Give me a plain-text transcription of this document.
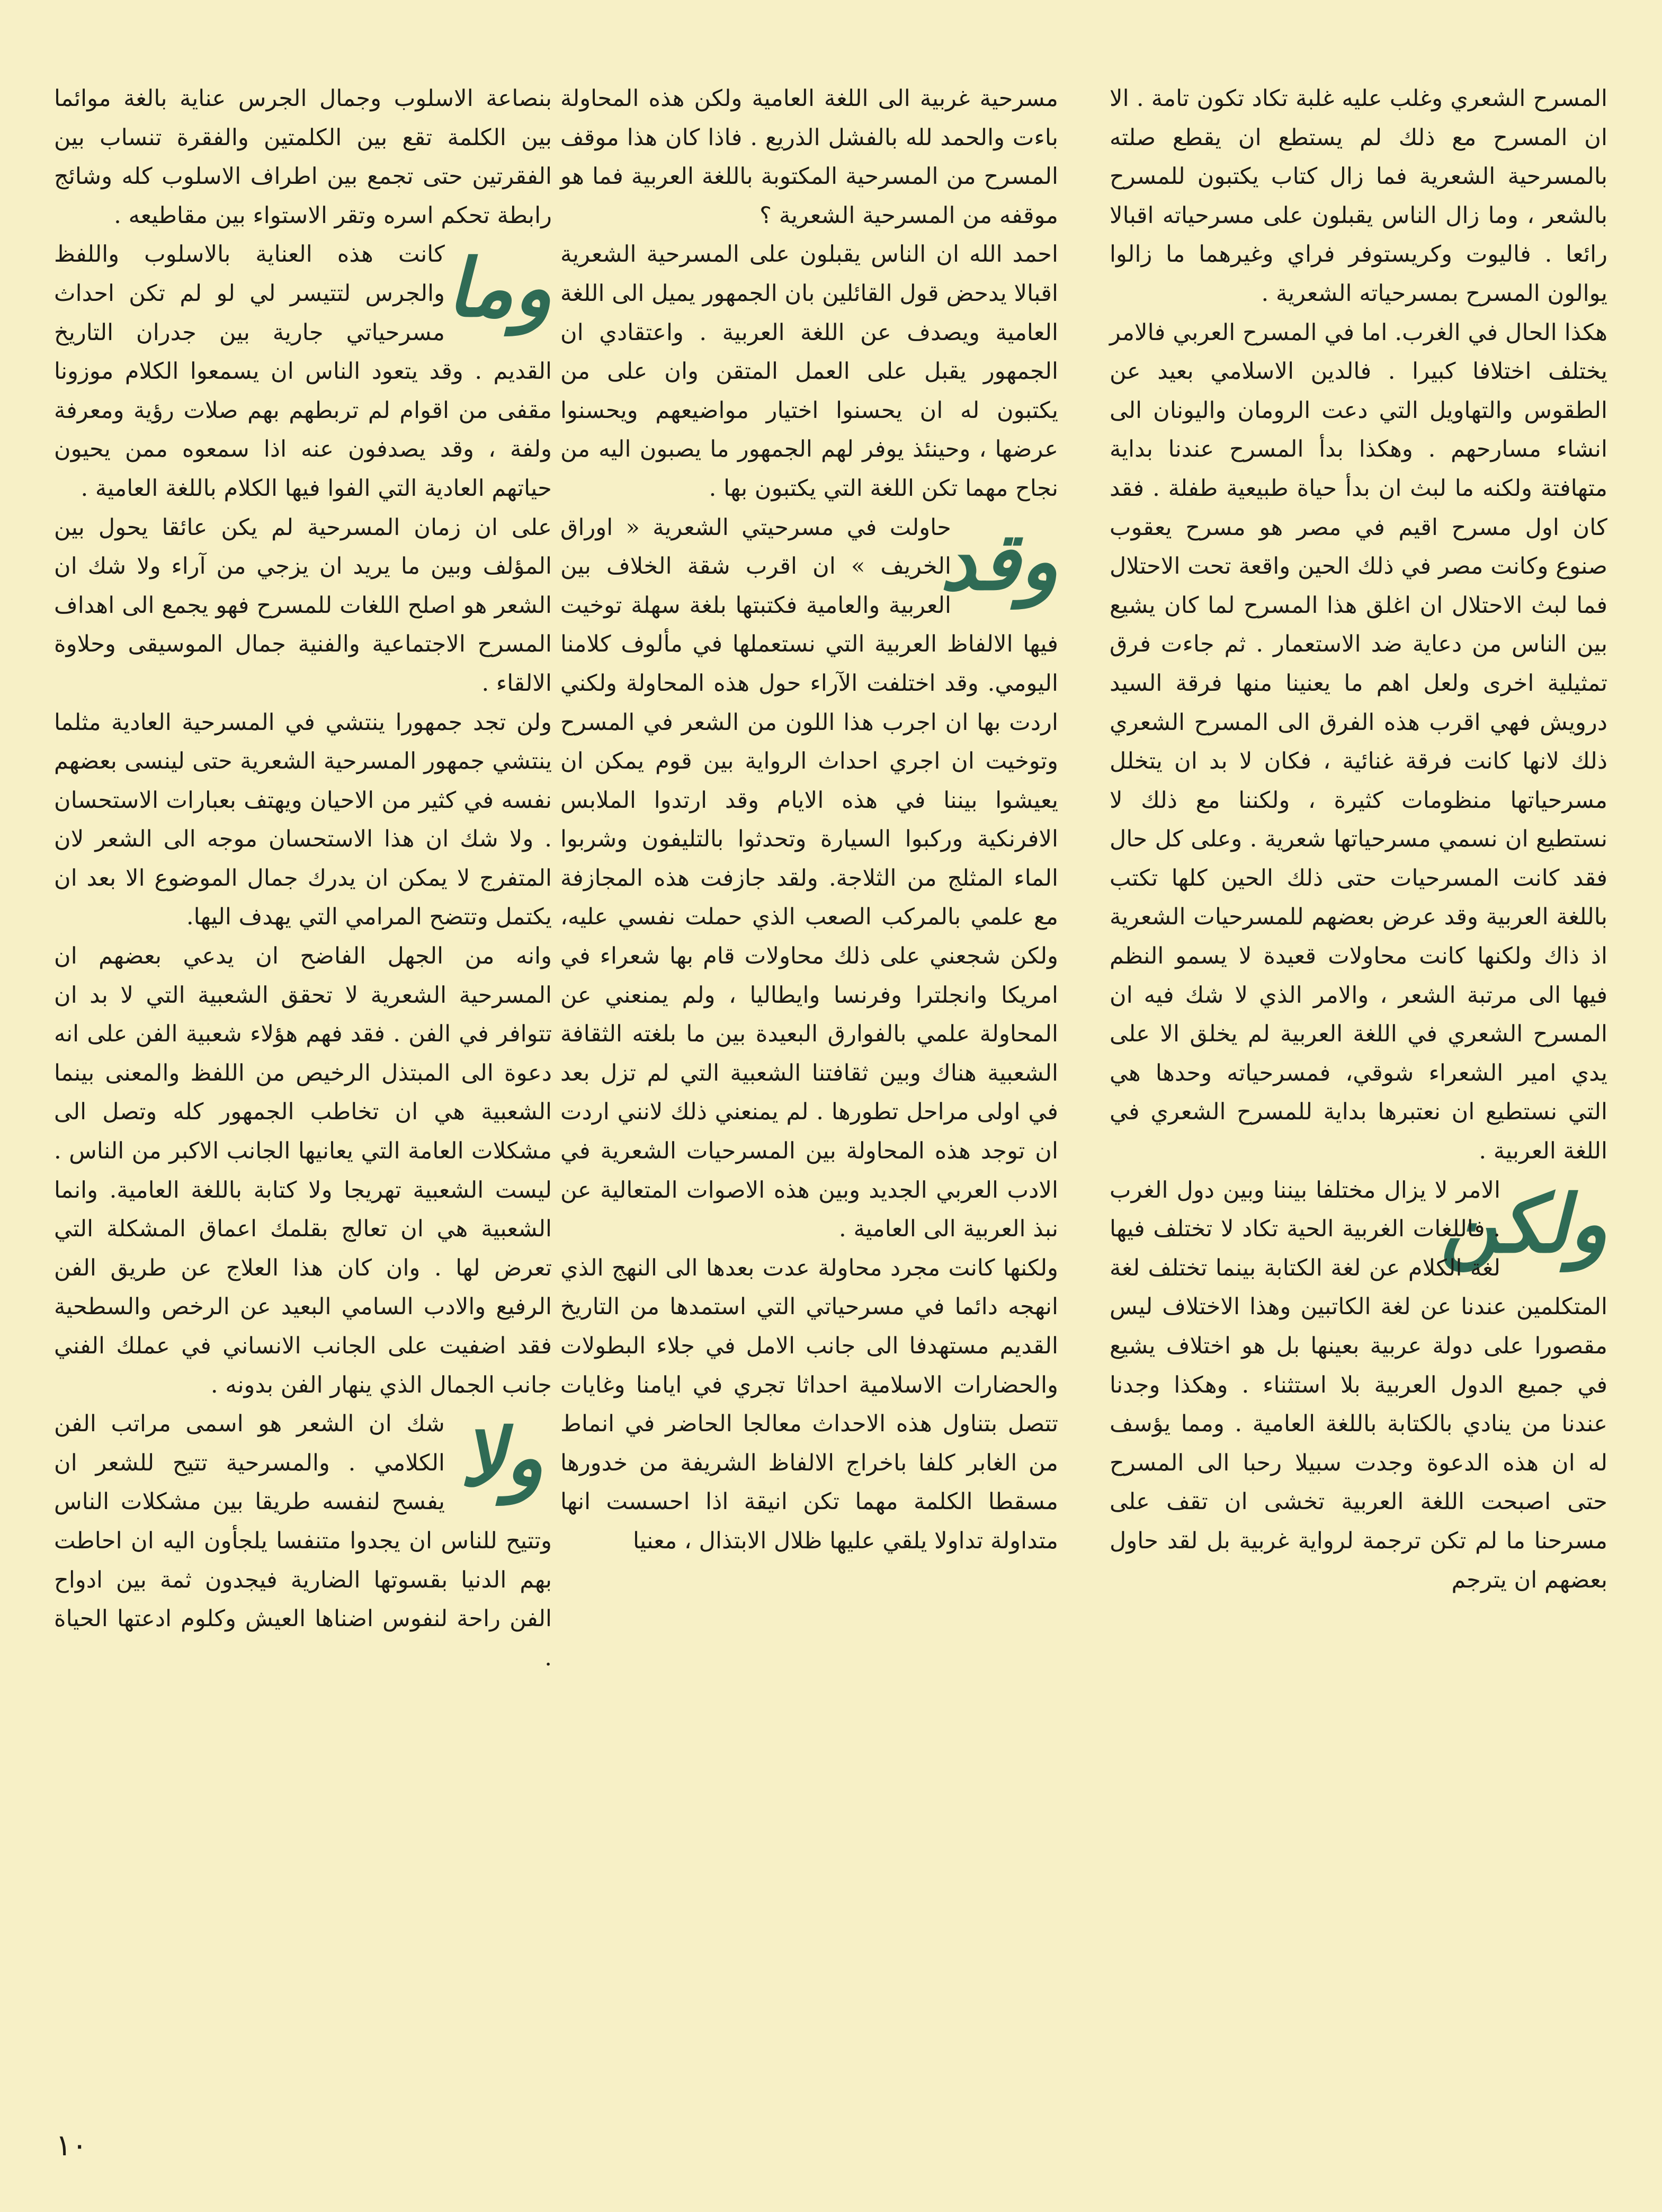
المسرح الشعري وغلب عليه غلبة تكاد تكون تامة . الا ان المسرح مع ذلك لم يستطع ان يقطع صلته بالمسرحية الشعرية فما زال كتاب يكتبون للمسرح بالشعر ، وما زال الناس يقبلون على مسرحياته اقبالا رائعا . فاليوت وكريستوفر فراي وغيرهما ما زالوا يوالون المسرح بمسرحياته الشعرية .

هكذا الحال في الغرب. اما في المسرح العربي فالامر يختلف اختلافا كبيرا . فالدين الاسلامي بعيد عن الطقوس والتهاويل التي دعت الرومان واليونان الى انشاء مسارحهم . وهكذا بدأ المسرح عندنا بداية متهافتة ولكنه ما لبث ان بدأ حياة طبيعية طفلة . فقد كان اول مسرح اقيم في مصر هو مسرح يعقوب صنوع وكانت مصر في ذلك الحين واقعة تحت الاحتلال فما لبث الاحتلال ان اغلق هذا المسرح لما كان يشيع بين الناس من دعاية ضد الاستعمار . ثم جاءت فرق تمثيلية اخرى ولعل اهم ما يعنينا منها فرقة السيد درويش فهي اقرب هذه الفرق الى المسرح الشعري ذلك لانها كانت فرقة غنائية ، فكان لا بد ان يتخلل مسرحياتها منظومات كثيرة ، ولكننا مع ذلك لا نستطيع ان نسمي مسرحياتها شعرية . وعلى كل حال فقد كانت المسرحيات حتى ذلك الحين كلها تكتب باللغة العربية وقد عرض بعضهم للمسرحيات الشعرية اذ ذاك ولكنها كانت محاولات قعيدة لا يسمو النظم فيها الى مرتبة الشعر ، والامر الذي لا شك فيه ان المسرح الشعري في اللغة العربية لم يخلق الا على يدي امير الشعراء شوقي، فمسرحياته وحدها هي التي نستطيع ان نعتبرها بداية للمسرح الشعري في اللغة العربية .

ولكن

الامر لا يزال مختلفا بيننا وبين دول الغرب . فاللغات الغربية الحية تكاد لا تختلف فيها لغة الكلام عن لغة الكتابة بينما تختلف لغة المتكلمين عندنا عن لغة الكاتبين وهذا الاختلاف ليس مقصورا على دولة عربية بعينها بل هو اختلاف يشيع في جميع الدول العربية بلا استثناء . وهكذا وجدنا عندنا من ينادي بالكتابة باللغة العامية . ومما يؤسف له ان هذه الدعوة وجدت سبيلا رحبا الى المسرح حتى اصبحت اللغة العربية تخشى ان تقف على مسرحنا ما لم تكن ترجمة لرواية غربية بل لقد حاول بعضهم ان يترجم

مسرحية غربية الى اللغة العامية ولكن هذه المحاولة باءت والحمد لله بالفشل الذريع . فاذا كان هذا موقف المسرح من المسرحية المكتوبة باللغة العربية فما هو موقفه من المسرحية الشعرية ؟

احمد الله ان الناس يقبلون على المسرحية الشعرية اقبالا يدحض قول القائلين بان الجمهور يميل الى اللغة العامية ويصدف عن اللغة العربية . واعتقادي ان الجمهور يقبل على العمل المتقن وان على من يكتبون له ان يحسنوا اختيار مواضيعهم ويحسنوا عرضها ، وحينئذ يوفر لهم الجمهور ما يصبون اليه من نجاح مهما تكن اللغة التي يكتبون بها .

وقد

حاولت في مسرحيتي الشعرية « اوراق الخريف » ان اقرب شقة الخلاف بين العربية والعامية فكتبتها بلغة سهلة توخيت فيها الالفاظ العربية التي نستعملها في مألوف كلامنا اليومي. وقد اختلفت الآراء حول هذه المحاولة ولكني اردت بها ان اجرب هذا اللون من الشعر في المسرح وتوخيت ان اجري احداث الرواية بين قوم يمكن ان يعيشوا بيننا في هذه الايام وقد ارتدوا الملابس الافرنكية وركبوا السيارة وتحدثوا بالتليفون وشربوا الماء المثلج من الثلاجة. ولقد جازفت هذه المجازفة مع علمي بالمركب الصعب الذي حملت نفسي عليه، ولكن شجعني على ذلك محاولات قام بها شعراء في امريكا وانجلترا وفرنسا وايطاليا ، ولم يمنعني عن المحاولة علمي بالفوارق البعيدة بين ما بلغته الثقافة الشعبية هناك وبين ثقافتنا الشعبية التي لم تزل بعد في اولى مراحل تطورها . لم يمنعني ذلك لانني اردت ان توجد هذه المحاولة بين المسرحيات الشعرية في الادب العربي الجديد وبين هذه الاصوات المتعالية عن نبذ العربية الى العامية .

ولكنها كانت مجرد محاولة عدت بعدها الى النهج الذي انهجه دائما في مسرحياتي التي استمدها من التاريخ القديم مستهدفا الى جانب الامل في جلاء البطولات والحضارات الاسلامية احداثا تجري في ايامنا وغايات تتصل بتناول هذه الاحداث معالجا الحاضر في انماط من الغابر كلفا باخراج الالفاظ الشريفة من خدورها مسقطا الكلمة مهما تكن انيقة اذا احسست انها متداولة تداولا يلقي عليها ظلال الابتذال ، معنيا

بنصاعة الاسلوب وجمال الجرس عناية بالغة موائما بين الكلمة تقع بين الكلمتين والفقرة تنساب بين الفقرتين حتى تجمع بين اطراف الاسلوب كله وشائج رابطة تحكم اسره وتقر الاستواء بين مقاطيعه .

وما

كانت هذه العناية بالاسلوب واللفظ والجرس لتتيسر لي لو لم تكن احداث مسرحياتي جارية بين جدران التاريخ القديم . وقد يتعود الناس ان يسمعوا الكلام موزونا مقفى من اقوام لم تربطهم بهم صلات رؤية ومعرفة ولفة ، وقد يصدفون عنه اذا سمعوه ممن يحيون حياتهم العادية التي الفوا فيها الكلام باللغة العامية .

على ان زمان المسرحية لم يكن عائقا يحول بين المؤلف وبين ما يريد ان يزجي من آراء ولا شك ان الشعر هو اصلح اللغات للمسرح فهو يجمع الى اهداف المسرح الاجتماعية والفنية جمال الموسيقى وحلاوة الالقاء .

ولن تجد جمهورا ينتشي في المسرحية العادية مثلما ينتشي جمهور المسرحية الشعرية حتى لينسى بعضهم نفسه في كثير من الاحيان ويهتف بعبارات الاستحسان . ولا شك ان هذا الاستحسان موجه الى الشعر لان المتفرج لا يمكن ان يدرك جمال الموضوع الا بعد ان يكتمل وتتضح المرامي التي يهدف اليها.

وانه من الجهل الفاضح ان يدعي بعضهم ان المسرحية الشعرية لا تحقق الشعبية التي لا بد ان تتوافر في الفن . فقد فهم هؤلاء شعبية الفن على انه دعوة الى المبتذل الرخيص من اللفظ والمعنى بينما الشعبية هي ان تخاطب الجمهور كله وتصل الى مشكلات العامة التي يعانيها الجانب الاكبر من الناس . ليست الشعبية تهريجا ولا كتابة باللغة العامية. وانما الشعبية هي ان تعالج بقلمك اعماق المشكلة التي تعرض لها . وان كان هذا العلاج عن طريق الفن الرفيع والادب السامي البعيد عن الرخص والسطحية فقد اضفيت على الجانب الانساني في عملك الفني جانب الجمال الذي ينهار الفن بدونه .

ولا

شك ان الشعر هو اسمى مراتب الفن الكلامي . والمسرحية تتيح للشعر ان يفسح لنفسه طريقا بين مشكلات الناس وتتيح للناس ان يجدوا متنفسا يلجأون اليه ان احاطت بهم الدنيا بقسوتها الضارية فيجدون ثمة بين ادواح الفن راحة لنفوس اضناها العيش وكلوم ادعتها الحياة .

١٠
